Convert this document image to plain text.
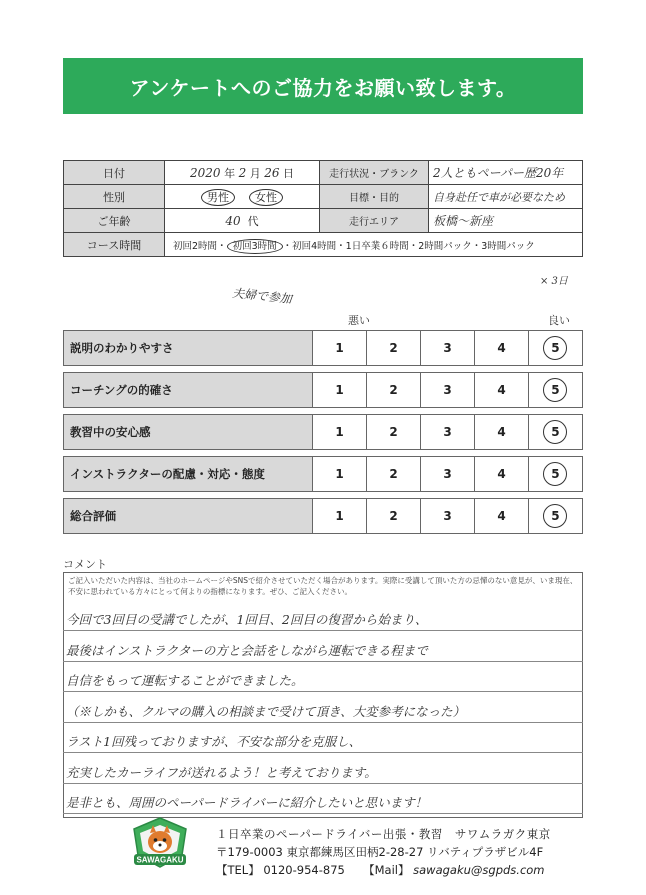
アンケートへのご協力をお願い致します。
日付	2020 年 2 月 26 日	走行状況・ブランク	2人ともペーパー歴20年
性別	男性 女性	目標・目的	自身赴任で車が必要なため
ご年齢	40 代	走行エリア	板橋〜新座
コース時間	初回2時間・ 初回3時間 ・初回4時間・1日卒業６時間・2時間パック・3時間パック		
× 3日
夫婦で参加
悪い	良い
説明のわかりやすさ	1	2	3	4	5

コーチングの的確さ	1	2	3	4	5

教習中の安心感	1	2	3	4	5

インストラクターの配慮・対応・態度	1	2	3	4	5

総合評価	1	2	3	4	5
コメント
ご記入いただいた内容は、当社のホームページやSNSで紹介させていただく場合があります。実際に受講して頂いた方の忌憚のない意見が、いま現在、不安に思われている方々にとって何よりの指標になります。ぜひ、ご記入ください。
今回で3回目の受講でしたが、1回目、2回目の復習から始まり、
最後はインストラクターの方と会話をしながら運転できる程まで
自信をもって運転することができました。
（※しかも、クルマの購入の相談まで受けて頂き、大変参考になった）
ラスト1回残っておりますが、不安な部分を克服し、
充実したカーライフが送れるよう！と考えております。
是非とも、周囲のペーパードライバーに紹介したいと思います！
SAWAGAKU
１日卒業のペーパードライバー出張・教習　サワムラガク東京
〒179-0003 東京都練馬区田柄2-28-27 リバティプラザビル4F
【TEL】 0120-954-875 【Mail】 sawagaku@sgpds.com
